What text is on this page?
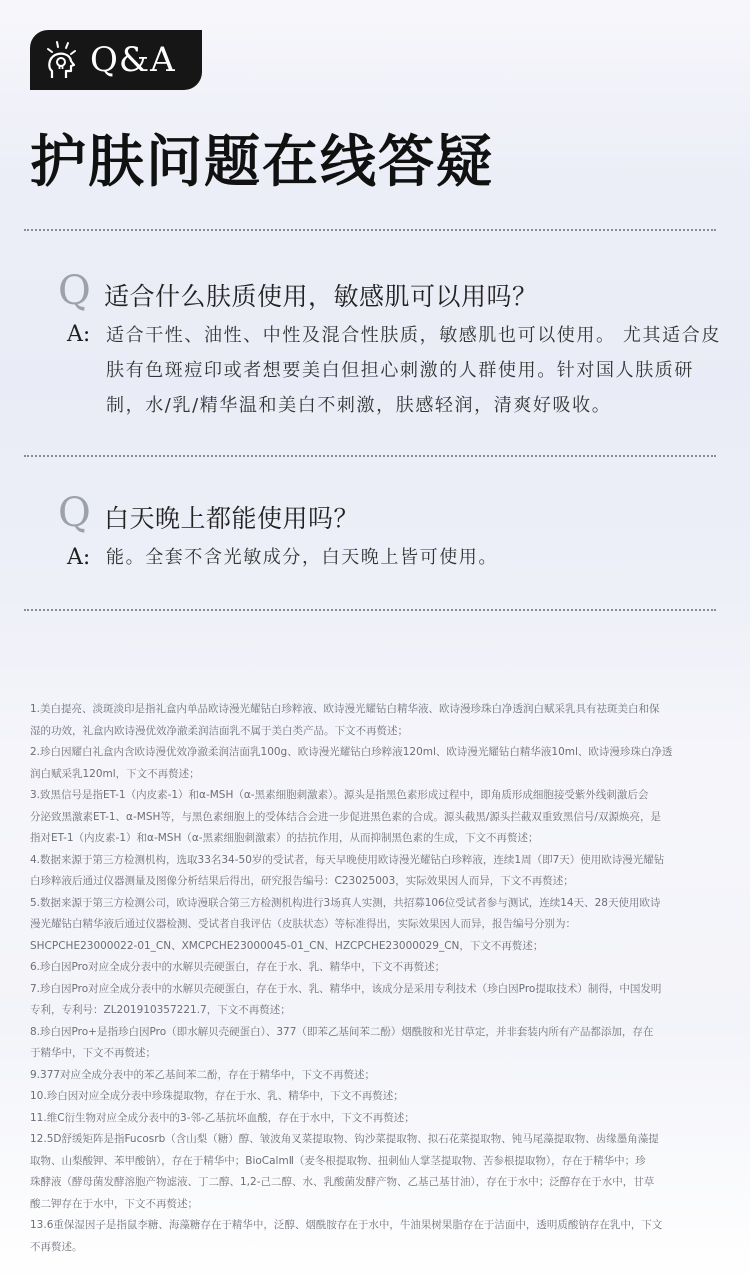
Q&A
护肤问题在线答疑
Q 适合什么肤质使用，敏感肌可以用吗？
A: 适合干性、油性、中性及混合性肤质，敏感肌也可以使用。 尤其适合皮
肤有色斑痘印或者想要美白但担心刺激的人群使用。针对国人肤质研
制，水/乳/精华温和美白不刺激，肤感轻润，清爽好吸收。
Q 白天晚上都能使用吗？
A: 能。全套不含光敏成分，白天晚上皆可使用。

1.美白提亮、淡斑淡印是指礼盒内单品欧诗漫光耀钻白珍粹液、欧诗漫光耀钻白精华液、欧诗漫珍珠白净透润白赋采乳具有祛斑美白和保

湿的功效，礼盒内欧诗漫优效净澈柔润洁面乳不属于美白类产品。下文不再赘述；

2.珍白因耀白礼盒内含欧诗漫优效净澈柔润洁面乳100g、欧诗漫光耀钻白珍粹液120ml、欧诗漫光耀钻白精华液10ml、欧诗漫珍珠白净透

润白赋采乳120ml，下文不再赘述；

3.致黑信号是指ET-1（内皮素-1）和α-MSH（α-黑素细胞刺激素）。源头是指黑色素形成过程中，即角质形成细胞接受紫外线刺激后会

分泌致黑激素ET-1、α-MSH等，与黑色素细胞上的受体结合会进一步促进黑色素的合成。源头截黑/源头拦截双重致黑信号/双源焕亮，是

指对ET-1（内皮素-1）和α-MSH（α-黑素细胞刺激素）的拮抗作用，从而抑制黑色素的生成，下文不再赘述；

4.数据来源于第三方检测机构，选取33名34-50岁的受试者，每天早晚使用欧诗漫光耀钻白珍粹液，连续1周（即7天）使用欧诗漫光耀钻

白珍粹液后通过仪器测量及图像分析结果后得出，研究报告编号：C23025003，实际效果因人而异，下文不再赘述；

5.数据来源于第三方检测公司，欧诗漫联合第三方检测机构进行3场真人实测，共招募106位受试者参与测试，连续14天、28天使用欧诗

漫光耀钻白精华液后通过仪器检测、受试者自我评估（皮肤状态）等标准得出，实际效果因人而异，报告编号分别为：

SHCPCHE23000022-01_CN、XMCPCHE23000045-01_CN、HZCPCHE23000029_CN，下文不再赘述；

6.珍白因Pro对应全成分表中的水解贝壳硬蛋白，存在于水、乳、精华中，下文不再赘述；

7.珍白因Pro对应全成分表中的水解贝壳硬蛋白，存在于水、乳、精华中，该成分是采用专利技术（珍白因Pro提取技术）制得，中国发明

专利，专利号：ZL201910357221.7，下文不再赘述；

8.珍白因Pro+是指珍白因Pro（即水解贝壳硬蛋白）、377（即苯乙基间苯二酚）烟酰胺和光甘草定，并非套装内所有产品都添加，存在

于精华中，下文不再赘述；

9.377对应全成分表中的苯乙基间苯二酚，存在于精华中，下文不再赘述；

10.珍白因对应全成分表中珍珠提取物，存在于水、乳、精华中，下文不再赘述；

11.维C衍生物对应全成分表中的3-邻-乙基抗坏血酸，存在于水中，下文不再赘述；

12.5D舒缓矩阵是指Fucosrb（含山梨（糖）醇、皱波角叉菜提取物、钩沙菜提取物、拟石花菜提取物、钝马尾藻提取物、齿缘墨角藻提

取物、山梨酸钾、苯甲酸钠），存在于精华中；BioCalmⅡ（麦冬根提取物、扭刺仙人掌茎提取物、苦参根提取物），存在于精华中；珍

珠酵液（酵母菌发酵溶胞产物滤液、丁二醇、1,2-己二醇、水、乳酸菌发酵产物、乙基己基甘油），存在于水中；泛醇存在于水中，甘草

酸二钾存在于水中，下文不再赘述；

13.6重保湿因子是指鼠李糖、海藻糖存在于精华中，泛醇、烟酰胺存在于水中，牛油果树果脂存在于洁面中，透明质酸钠存在乳中，下文

不再赘述。
